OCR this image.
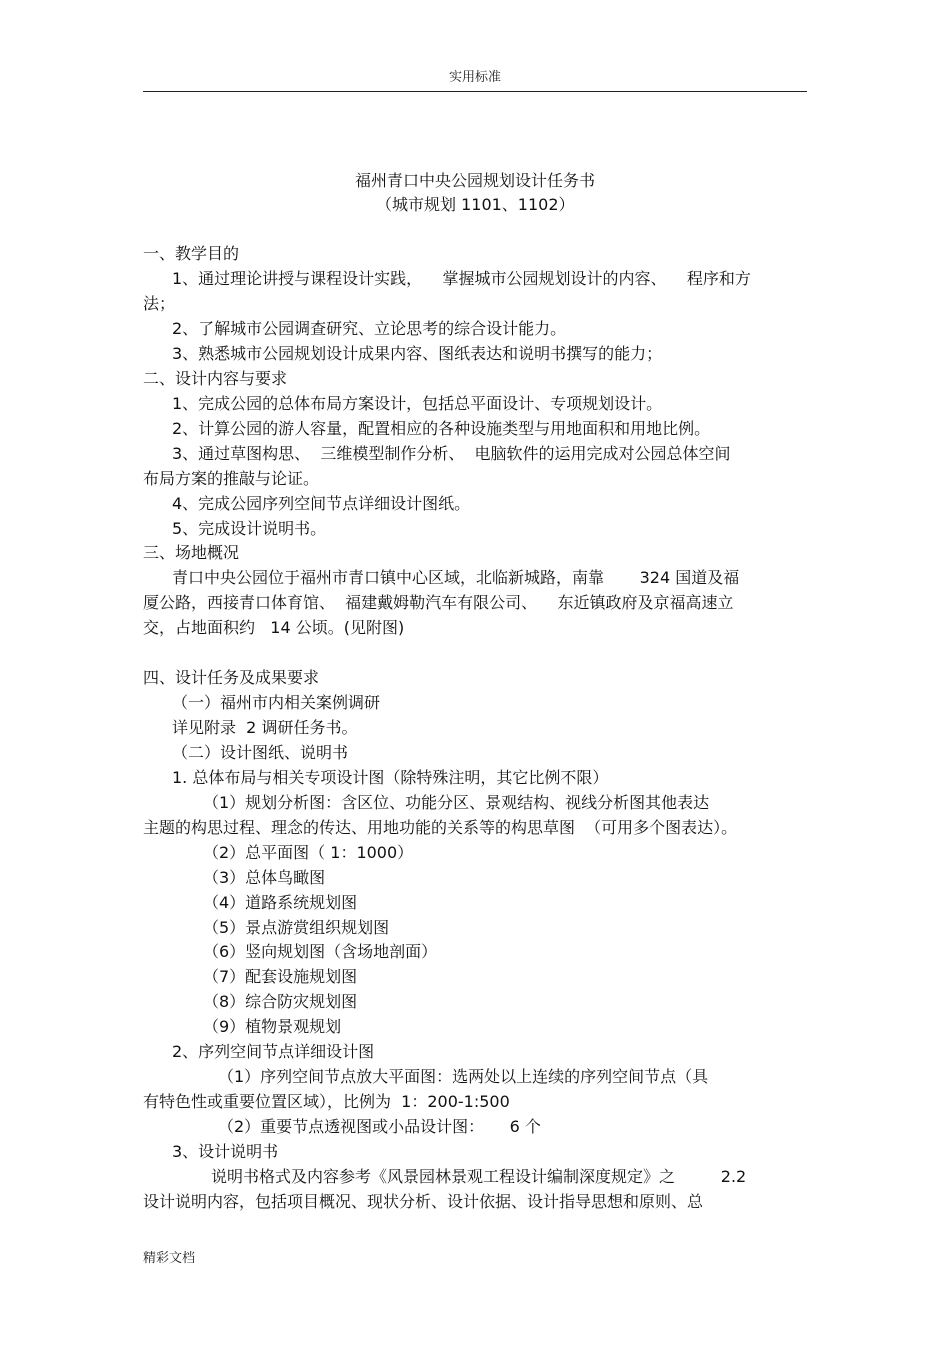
实用标准
福州青口中央公园规划设计任务书
（城市规划 1101、1102）
一、教学目的
1、通过理论讲授与课程设计实践，    掌握城市公园规划设计的内容、    程序和方
法；
2、了解城市公园调查研究、立论思考的综合设计能力。
3、熟悉城市公园规划设计成果内容、图纸表达和说明书撰写的能力；
二、设计内容与要求
1、完成公园的总体布局方案设计，包括总平面设计、专项规划设计。
2、计算公园的游人容量，配置相应的各种设施类型与用地面积和用地比例。
3、通过草图构思、  三维模型制作分析、  电脑软件的运用完成对公园总体空间
布局方案的推敲与论证。
4、完成公园序列空间节点详细设计图纸。
5、完成设计说明书。
三、场地概况
青口中央公园位于福州市青口镇中心区域，北临新城路，南靠       324 国道及福
厦公路，西接青口体育馆、  福建戴姆勒汽车有限公司、    东近镇政府及京福高速立
交，占地面积约   14 公顷。(见附图)
四、设计任务及成果要求
（一）福州市内相关案例调研
详见附录  2 调研任务书。
（二）设计图纸、说明书
1. 总体布局与相关专项设计图（除特殊注明，其它比例不限）
（1）规划分析图：含区位、功能分区、景观结构、视线分析图其他表达
主题的构思过程、理念的传达、用地功能的关系等的构思草图  （可用多个图表达）。
（2）总平面图（ 1：1000）
（3）总体鸟瞰图
（4）道路系统规划图
（5）景点游赏组织规划图
（6）竖向规划图（含场地剖面）
（7）配套设施规划图
（8）综合防灾规划图
（9）植物景观规划
2、序列空间节点详细设计图
（1）序列空间节点放大平面图：选两处以上连续的序列空间节点（具
有特色性或重要位置区域），比例为  1：200-1:500
（2）重要节点透视图或小品设计图：     6 个
3、设计说明书
说明书格式及内容参考《风景园林景观工程设计编制深度规定》之         2.2
设计说明内容，包括项目概况、现状分析、设计依据、设计指导思想和原则、总
精彩文档
